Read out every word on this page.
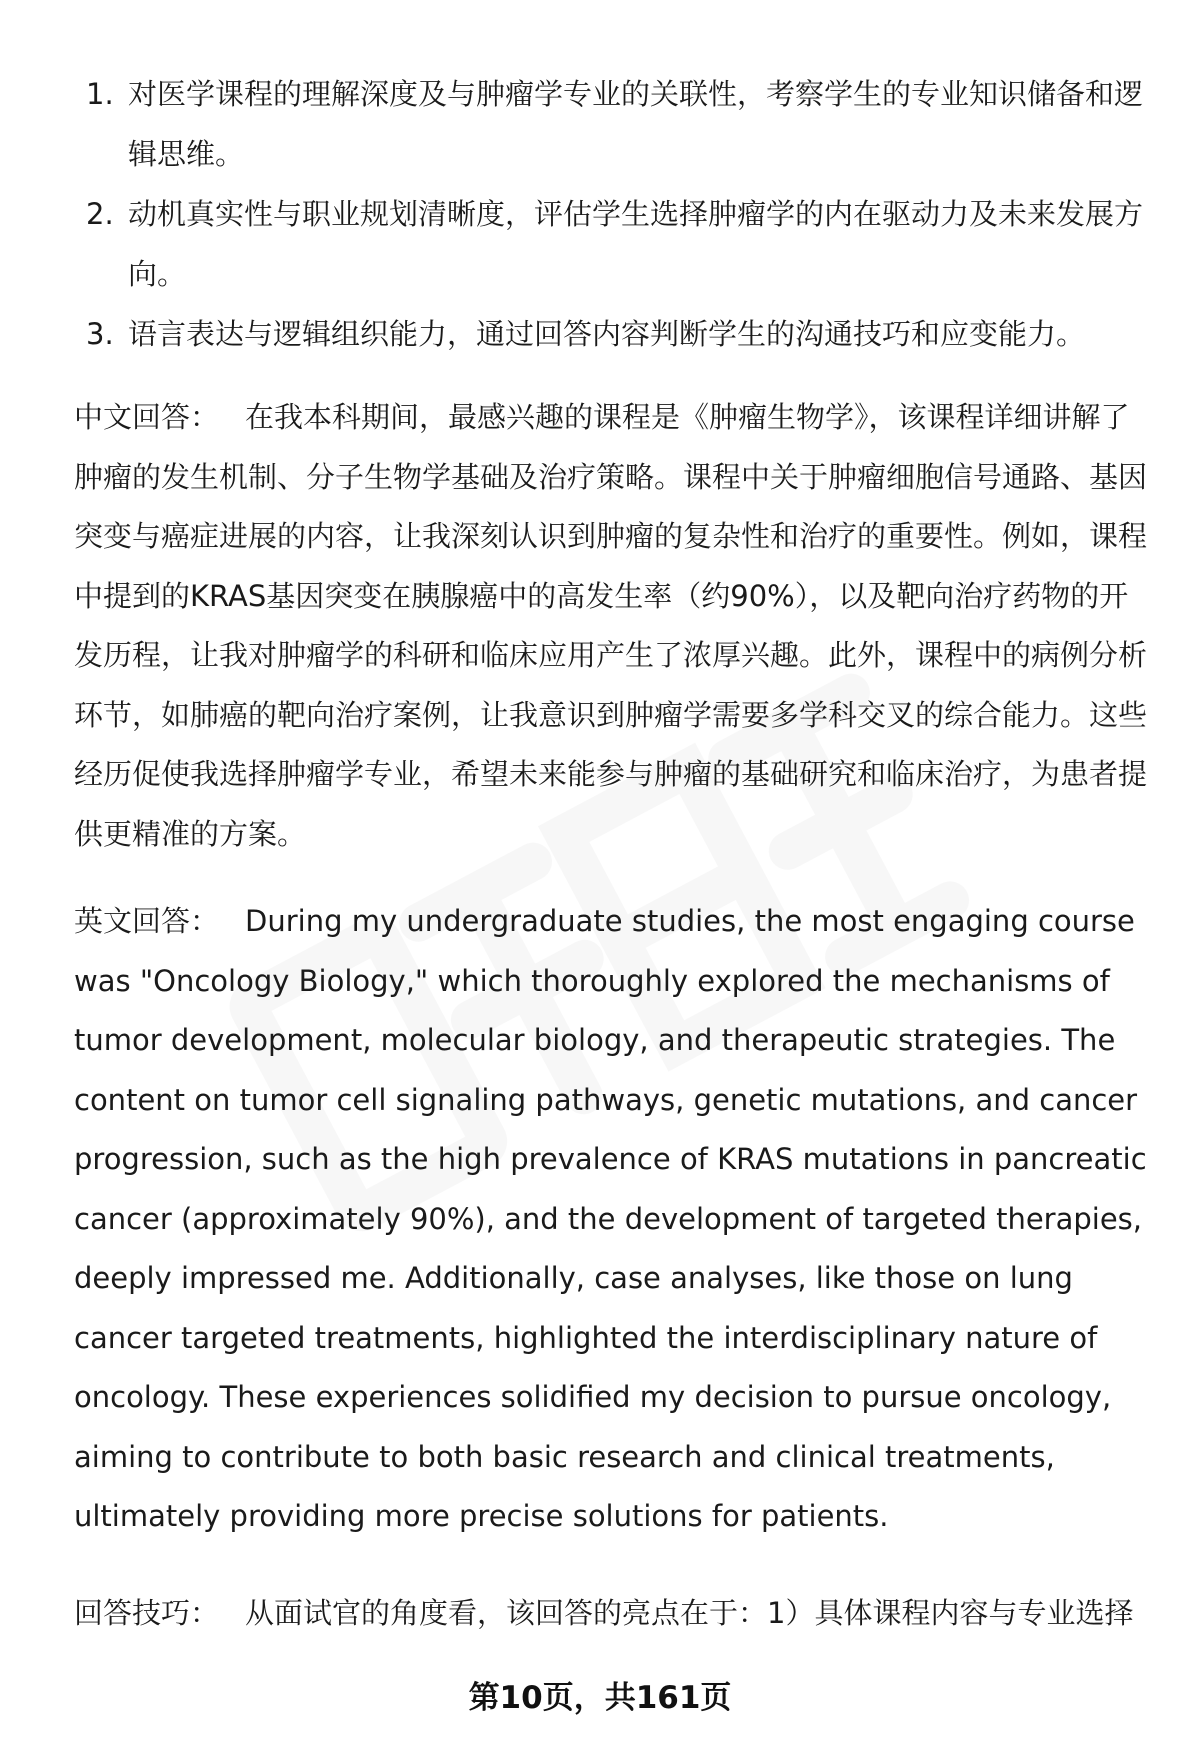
1. 对医学课程的理解深度及与肿瘤学专业的关联性，考察学生的专业知识储备和逻辑思维。
2. 动机真实性与职业规划清晰度，评估学生选择肿瘤学的内在驱动力及未来发展方向。
3. 语言表达与逻辑组织能力，通过回答内容判断学生的沟通技巧和应变能力。

中文回答： 在我本科期间，最感兴趣的课程是《肿瘤生物学》，该课程详细讲解了肿瘤的发生机制、分子生物学基础及治疗策略。课程中关于肿瘤细胞信号通路、基因突变与癌症进展的内容，让我深刻认识到肿瘤的复杂性和治疗的重要性。例如，课程中提到的KRAS基因突变在胰腺癌中的高发生率（约90%），以及靶向治疗药物的开发历程，让我对肿瘤学的科研和临床应用产生了浓厚兴趣。此外，课程中的病例分析环节，如肺癌的靶向治疗案例，让我意识到肿瘤学需要多学科交叉的综合能力。这些经历促使我选择肿瘤学专业，希望未来能参与肿瘤的基础研究和临床治疗，为患者提供更精准的方案。

英文回答： During my undergraduate studies, the most engaging course was "Oncology Biology," which thoroughly explored the mechanisms of tumor development, molecular biology, and therapeutic strategies. The content on tumor cell signaling pathways, genetic mutations, and cancer progression, such as the high prevalence of KRAS mutations in pancreatic cancer (approximately 90%), and the development of targeted therapies, deeply impressed me. Additionally, case analyses, like those on lung cancer targeted treatments, highlighted the interdisciplinary nature of oncology. These experiences solidified my decision to pursue oncology, aiming to contribute to both basic research and clinical treatments, ultimately providing more precise solutions for patients.

回答技巧： 从面试官的角度看，该回答的亮点在于：1）具体课程内容与专业选择

第10页，共161页
